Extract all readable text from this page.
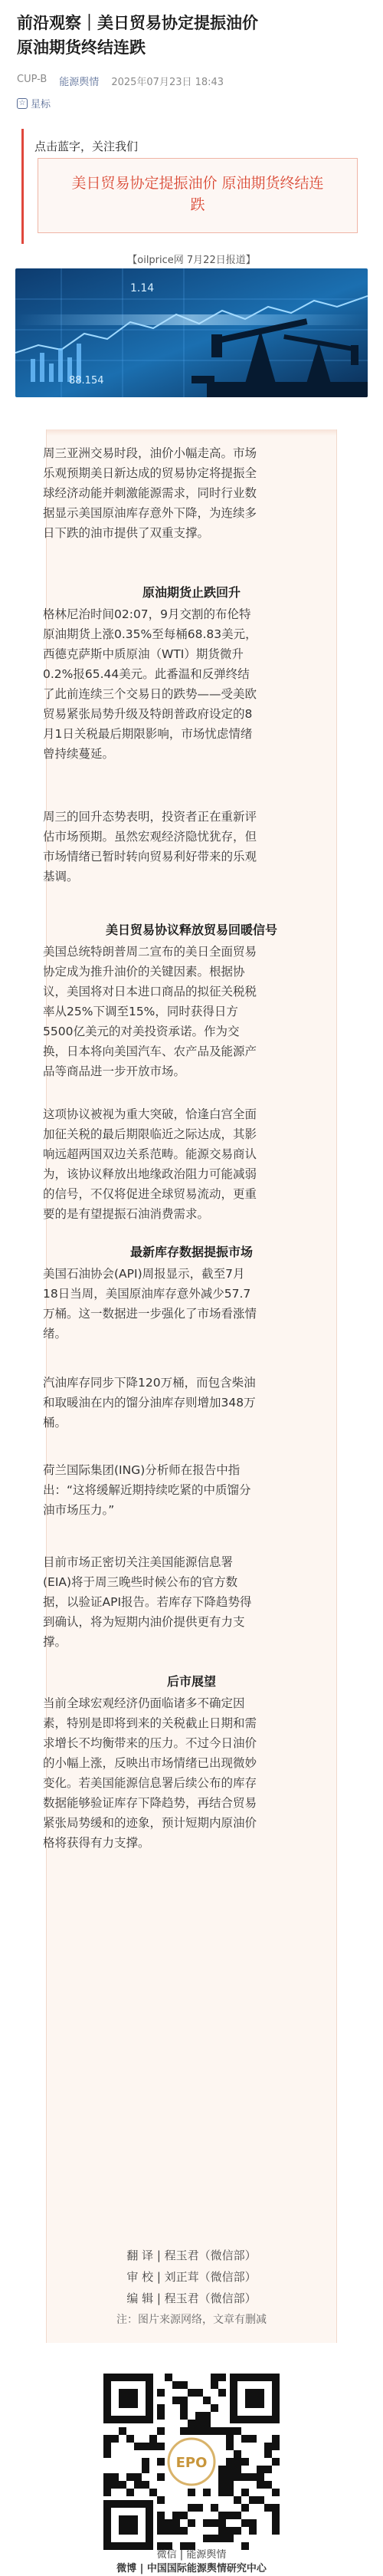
前沿观察｜美日贸易协定提振油价
原油期货终结连跌
CUP-B 能源舆情 2025年07月23日 18:43
☆ 星标
点击蓝字，关注我们
美日贸易协定提振油价 原油期货终结连
跌
【oilprice网 7月22日报道】
1.14
88.154
周三亚洲交易时段，油价小幅走高。市场
乐观预期美日新达成的贸易协定将提振全
球经济动能并刺激能源需求，同时行业数
据显示美国原油库存意外下降，为连续多
日下跌的油市提供了双重支撑。
原油期货止跌回升
格林尼治时间02:07，9月交割的布伦特
原油期货上涨0.35%至每桶68.83美元，
西德克萨斯中质原油（WTI）期货微升
0.2%报65.44美元。此番温和反弹终结
了此前连续三个交易日的跌势——受美欧
贸易紧张局势升级及特朗普政府设定的8
月1日关税最后期限影响，市场忧虑情绪
曾持续蔓延。
周三的回升态势表明，投资者正在重新评
估市场预期。虽然宏观经济隐忧犹存，但
市场情绪已暂时转向贸易利好带来的乐观
基调。
美日贸易协议释放贸易回暖信号
美国总统特朗普周二宣布的美日全面贸易
协定成为推升油价的关键因素。根据协
议，美国将对日本进口商品的拟征关税税
率从25%下调至15%，同时获得日方
5500亿美元的对美投资承诺。作为交
换，日本将向美国汽车、农产品及能源产
品等商品进一步开放市场。
这项协议被视为重大突破，恰逢白宫全面
加征关税的最后期限临近之际达成，其影
响远超两国双边关系范畴。能源交易商认
为，该协议释放出地缘政治阻力可能减弱
的信号，不仅将促进全球贸易流动，更重
要的是有望提振石油消费需求。
最新库存数据提振市场
美国石油协会(API)周报显示，截至7月
18日当周，美国原油库存意外减少57.7
万桶。这一数据进一步强化了市场看涨情
绪。
汽油库存同步下降120万桶，而包含柴油
和取暖油在内的馏分油库存则增加348万
桶。
荷兰国际集团(ING)分析师在报告中指
出：“这将缓解近期持续吃紧的中质馏分
油市场压力。”
目前市场正密切关注美国能源信息署
(EIA)将于周三晚些时候公布的官方数
据，以验证API报告。若库存下降趋势得
到确认，将为短期内油价提供更有力支
撑。
后市展望
当前全球宏观经济仍面临诸多不确定因
素，特别是即将到来的关税截止日期和需
求增长不均衡带来的压力。不过今日油价
的小幅上涨，反映出市场情绪已出现微妙
变化。若美国能源信息署后续公布的库存
数据能够验证库存下降趋势，再结合贸易
紧张局势缓和的迹象，预计短期内原油价
格将获得有力支撑。
翻 译 | 程玉君（微信部）
审 校 | 刘正茸（微信部）
编 辑 | 程玉君（微信部）
注：图片来源网络，文章有删减
EPO
微信 | 能源舆情
微博 | 中国国际能源舆情研究中心
